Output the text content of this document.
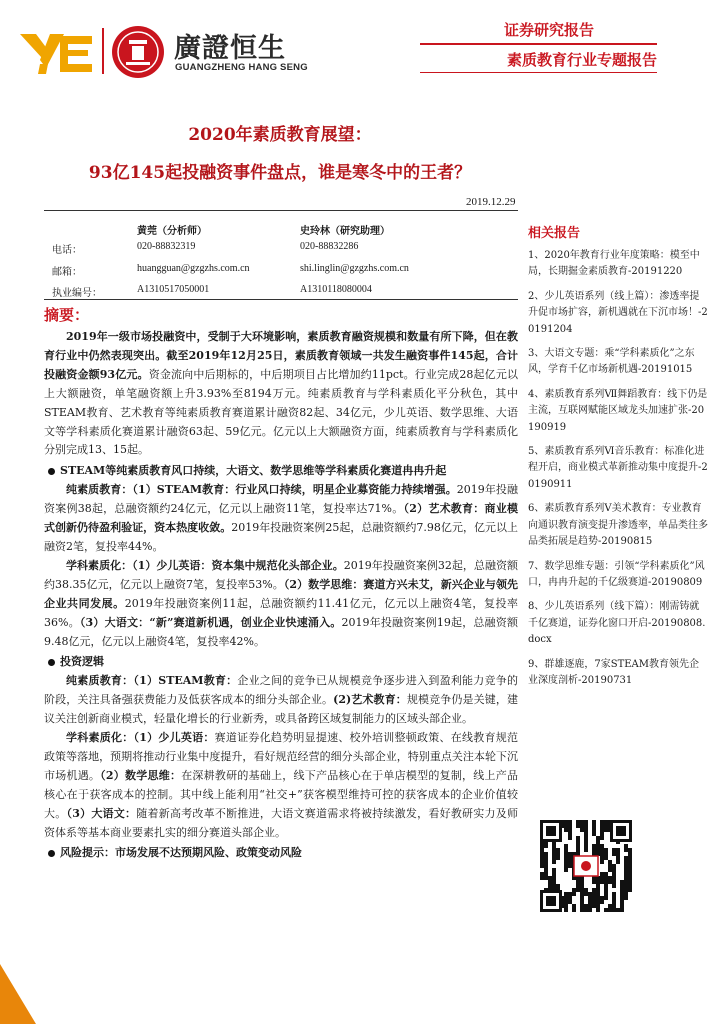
廣證恒生
GUANGZHENG HANG SENG
证券研究报告
素质教育行业专题报告
2020年素质教育展望：
93亿145起投融资事件盘点，谁是寒冬中的王者？
2019.12.29
黄莞（分析师）	史玲林（研究助理）
电话：	020-88832319	020-88832286
邮箱：	huangguan@gzgzhs.com.cn	shi.linglin@gzgzhs.com.cn
执业编号：	A1310517050001	A1310118080004
摘要：

2019年一级市场投融资中，受制于大环境影响，素质教育融资规模和数量有所下降，但在教育行业中仍然表现突出。截至2019年12月25日，素质教育领域一共发生融资事件145起，合计投融资金额93亿元。资金流向中后期标的，中后期项目占比增加约11pct。行业完成28起亿元以上大额融资，单笔融资额上升3.93%至8194万元。纯素质教育与学科素质化平分秋色，其中STEAM教育、艺术教育等纯素质教育赛道累计融资82起、34亿元，少儿英语、数学思维、大语文等学科素质化赛道累计融资63起、59亿元。亿元以上大额融资方面，纯素质教育与学科素质化分别完成13、15起。

STEAM等纯素质教育风口持续，大语文、数学思维等学科素质化赛道冉冉升起

纯素质教育：（1）STEAM教育：行业风口持续，明星企业募资能力持续增强。2019年投融资案例38起，总融资额约24亿元，亿元以上融资11笔，复投率达71%。（2）艺术教育：商业模式创新仍待盈利验证，资本热度收敛。2019年投融资案例25起，总融资额约7.98亿元，亿元以上融资2笔，复投率44%。

学科素质化：（1）少儿英语：资本集中规范化头部企业。2019年投融资案例32起，总融资额约38.35亿元，亿元以上融资7笔，复投率53%。（2）数学思维：赛道方兴未艾，新兴企业与领先企业共同发展。2019年投融资案例11起，总融资额约11.41亿元，亿元以上融资4笔，复投率36%。（3）大语文：“新”赛道新机遇，创业企业快速涌入。2019年投融资案例19起，总融资额9.48亿元，亿元以上融资4笔，复投率42%。

投资逻辑

纯素质教育：（1）STEAM教育：企业之间的竞争已从规模竞争逐步进入到盈利能力竞争的阶段，关注具备强获费能力及低获客成本的细分头部企业。(2)艺术教育：规模竞争仍是关键，建议关注创新商业模式，轻量化增长的行业新秀，或具备跨区域复制能力的区域头部企业。

学科素质化：（1）少儿英语：赛道证券化趋势明显提速、校外培训整顿政策、在线教育规范政策等落地，预期将推动行业集中度提升，看好规范经营的细分头部企业，特别重点关注本轮下沉市场机遇。（2）数学思维：在深耕教研的基础上，线下产品核心在于单店模型的复制，线上产品核心在于获客成本的控制。其中线上能利用“社交+”获客模型维持可控的获客成本的企业价值较大。（3）大语文：随着新高考改革不断推进，大语文赛道需求将被持续激发，看好教研实力及师资体系等基本商业要素扎实的细分赛道头部企业。

风险提示：市场发展不达预期风险、政策变动风险

相关报告
1、2020年教育行业年度策略：模至中局，长期掘金素质教育-20191220
2、少儿英语系列（线上篇）：渗透率提升促市场扩容，新机遇就在下沉市场！-20191204
3、大语文专题：乘“学科素质化”之东风，学育千亿市场新机遇-20191015
4、素质教育系列Ⅶ舞蹈教育：线下仍是主流，互联网赋能区域龙头加速扩张-20190919
5、素质教育系列Ⅵ音乐教育：标准化进程开启，商业模式革新推动集中度提升-20190911
6、素质教育系列Ⅴ美术教育：专业教育向通识教育演变提升渗透率，单品类往多品类拓展是趋势-20190815
7、数学思维专题：引领“学科素质化”风口，冉冉升起的千亿级赛道-20190809
8、少儿英语系列（线下篇）：刚需铸就千亿赛道，证券化窗口开启-20190808.docx
9、群雄逐鹿，7家STEAM教育领先企业深度剖析-20190731
